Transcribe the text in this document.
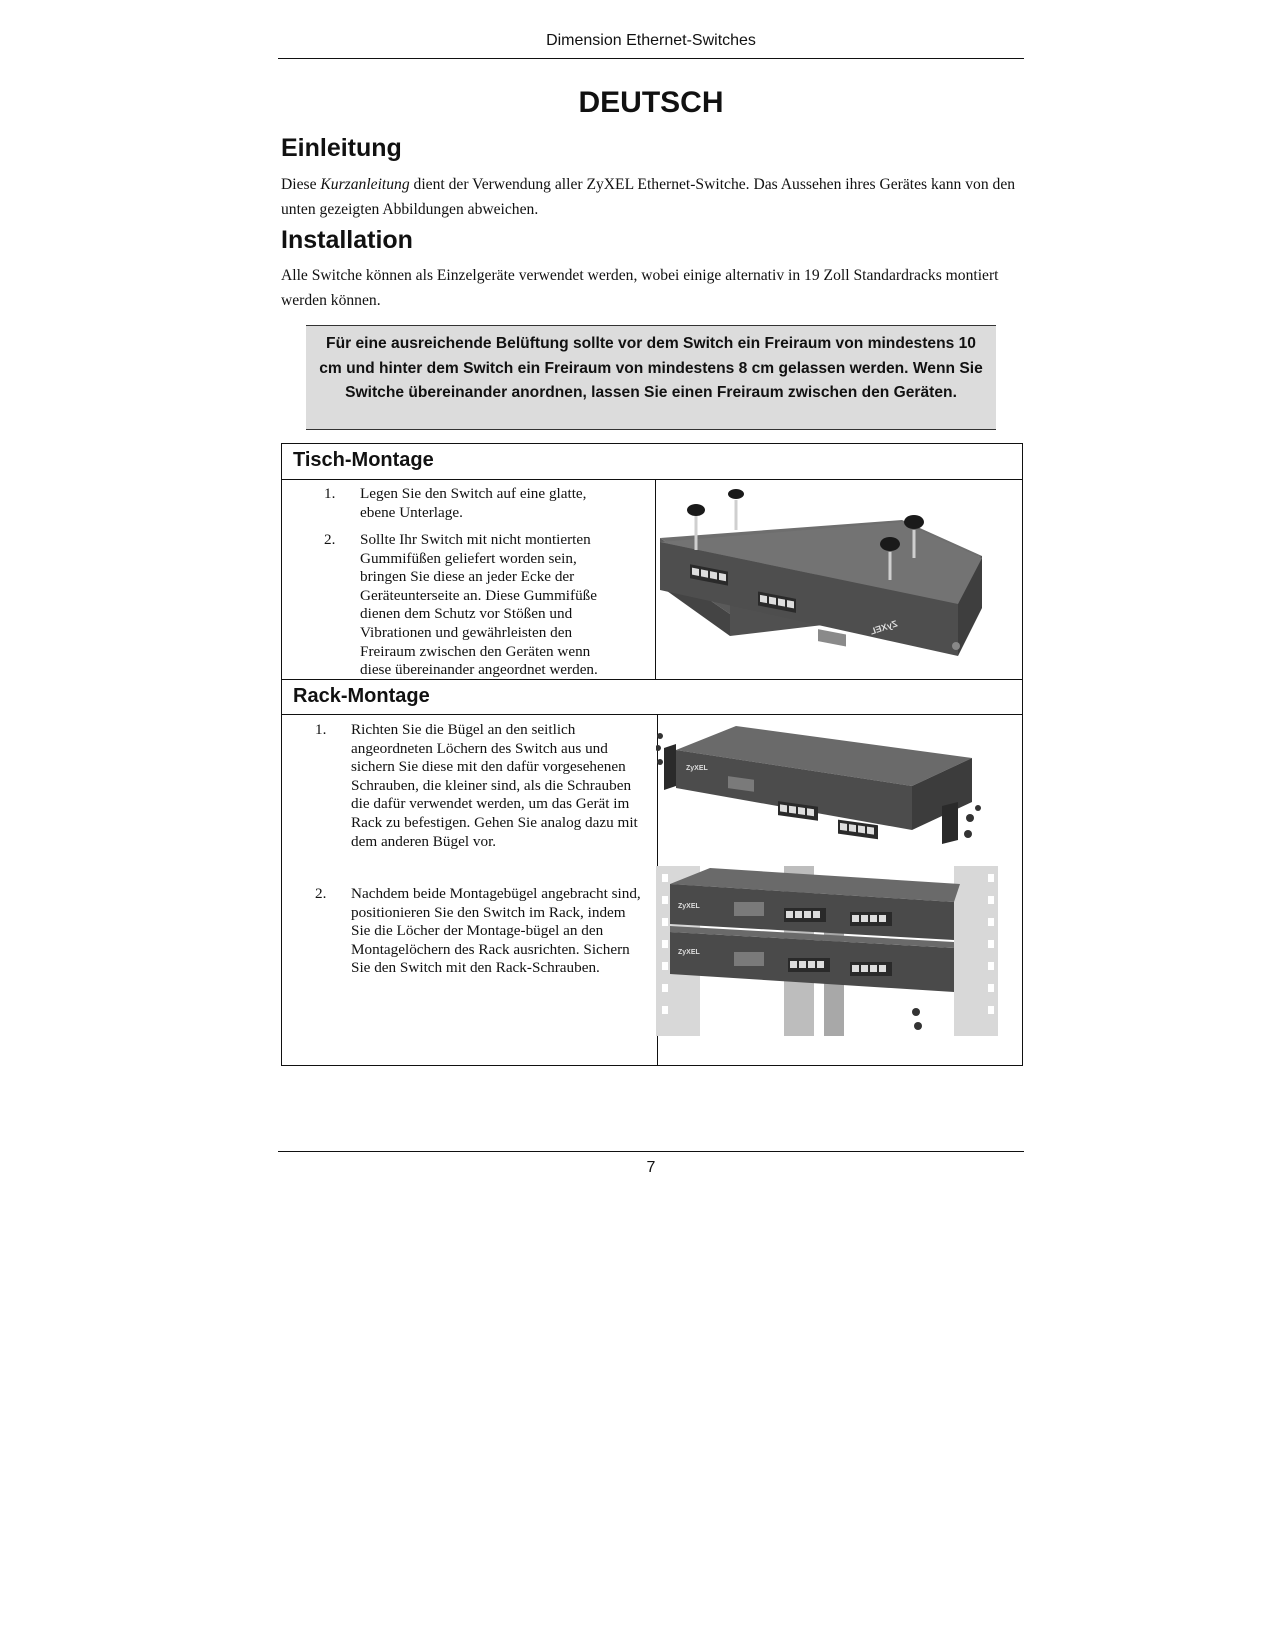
Dimension Ethernet-Switches
DEUTSCH
Einleitung

Diese Kurzanleitung dient der Verwendung aller ZyXEL Ethernet-Switche. Das Aussehen ihres Gerätes kann von den unten gezeigten Abbildungen abweichen.

Installation

Alle Switche können als Einzelgeräte verwendet werden, wobei einige alternativ in 19 Zoll Standardracks montiert werden können.

Für eine ausreichende Belüftung sollte vor dem Switch ein Freiraum von mindestens 10 cm und hinter dem Switch ein Freiraum von mindestens 8 cm gelassen werden. Wenn Sie Switche übereinander anordnen, lassen Sie einen Freiraum zwischen den Geräten.
Tisch-Montage
1. Legen Sie den Switch auf eine glatte, ebene Unterlage.
2. Sollte Ihr Switch mit nicht montierten Gummifüßen geliefert worden sein, bringen Sie diese an jeder Ecke der Geräteunterseite an. Diese Gummifüße dienen dem Schutz vor Stößen und Vibrationen und gewährleisten den Freiraum zwischen den Geräten wenn diese übereinander angeordnet werden.
Rack-Montage
1. Richten Sie die Bügel an den seitlich angeordneten Löchern des Switch aus und sichern Sie diese mit den dafür vorgesehenen Schrauben, die kleiner sind, als die Schrauben die dafür verwendet werden, um das Gerät im Rack zu befestigen. Gehen Sie analog dazu mit dem anderen Bügel vor.
2. Nachdem beide Montagebügel angebracht sind, positionieren Sie den Switch im Rack, indem Sie die Löcher der Montage-bügel an den Montagelöchern des Rack ausrichten. Sichern Sie den Switch mit den Rack-Schrauben.
ZyXEL
ZyXEL
ZyXEL
ZyXEL
7
